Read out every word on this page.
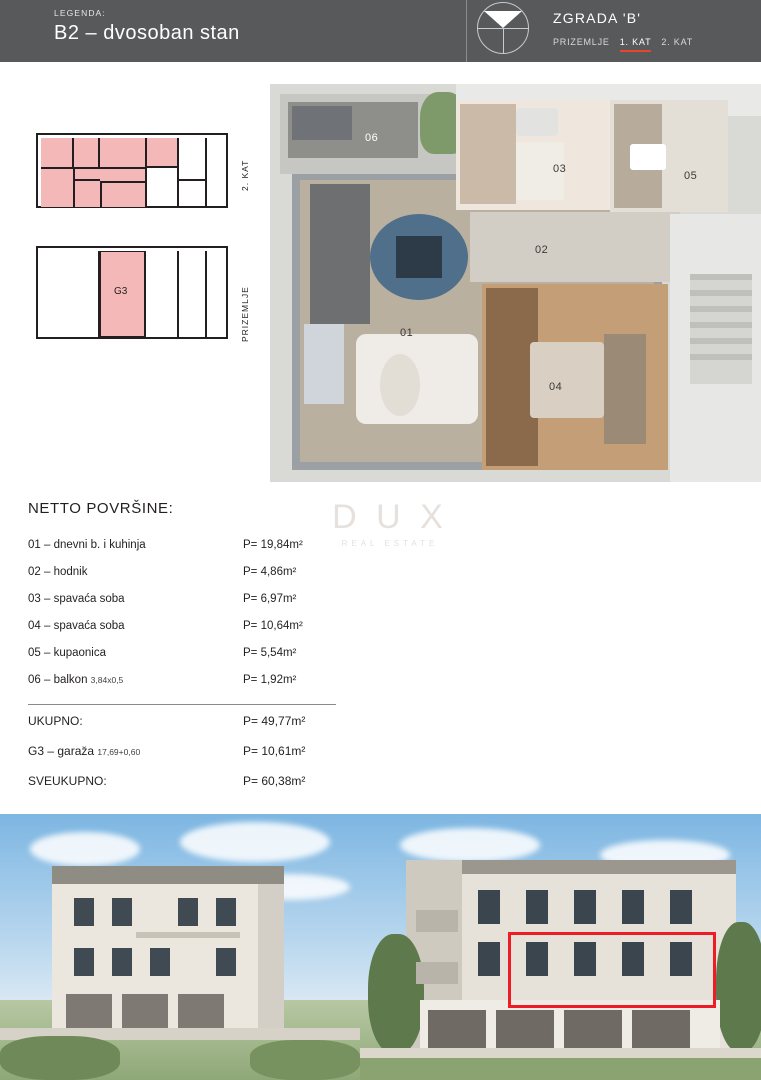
LEGENDA:
B2 – dvosoban stan
ZGRADA 'B'
PRIZEMLJE 1. KAT 2. KAT
G3
2. KAT
PRIZEMLJE
06
03
05
02
01
04
D U X
REAL ESTATE
NETTO POVRŠINE:
01 – dnevni b. i kuhinja	P= 19,84m²
02 – hodnik	P= 4,86m²
03 – spavaća soba	P= 6,97m²
04 – spavaća soba	P= 10,64m²
05 – kupaonica	P= 5,54m²
06 – balkon 3,84x0,5	P= 1,92m²
UKUPNO:	P= 49,77m²
G3 – garaža 17,69+0,60	P= 10,61m²
SVEUKUPNO:	P= 60,38m²
